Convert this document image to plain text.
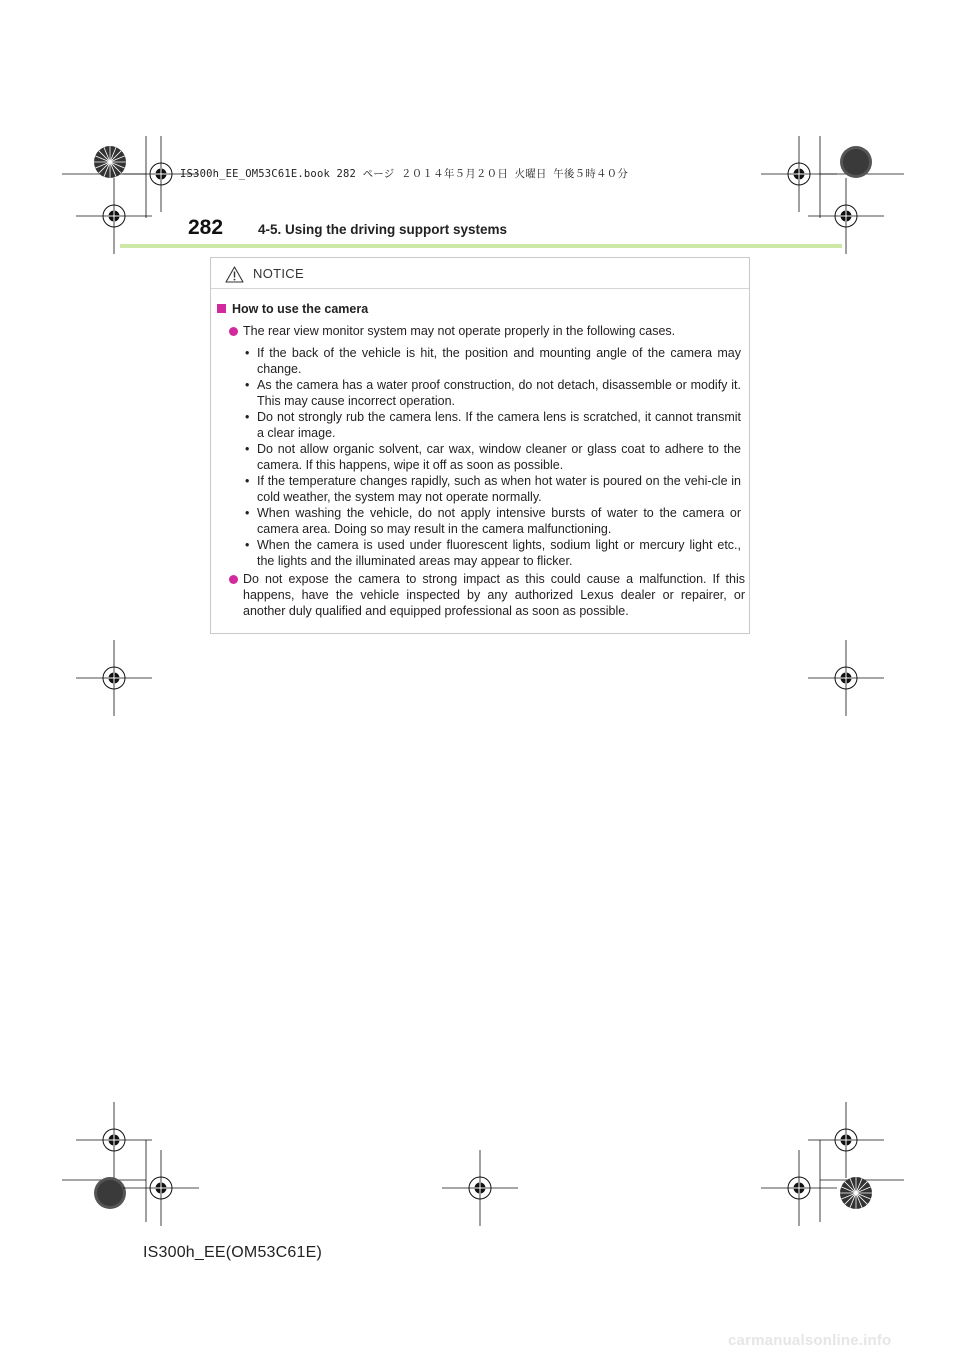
IS300h_EE_OM53C61E.book 282 ページ ２０１４年５月２０日 火曜日 午後５時４０分
282	4-5. Using the driving support systems
NOTICE
How to use the camera
The rear view monitor system may not operate properly in the following cases.
• If the back of the vehicle is hit, the position and mounting angle of the camera may change.
• As the camera has a water proof construction, do not detach, disassemble or modify it. This may cause incorrect operation.
• Do not strongly rub the camera lens. If the camera lens is scratched, it cannot transmit a clear image.
• Do not allow organic solvent, car wax, window cleaner or glass coat to adhere to the camera. If this happens, wipe it off as soon as possible.
• If the temperature changes rapidly, such as when hot water is poured on the vehi-cle in cold weather, the system may not operate normally.
• When washing the vehicle, do not apply intensive bursts of water to the camera or camera area. Doing so may result in the camera malfunctioning.
• When the camera is used under fluorescent lights, sodium light or mercury light etc., the lights and the illuminated areas may appear to flicker.
Do not expose the camera to strong impact as this could cause a malfunction. If this happens, have the vehicle inspected by any authorized Lexus dealer or repairer, or another duly qualified and equipped professional as soon as possible.
IS300h_EE(OM53C61E)
carmanualsonline.info
